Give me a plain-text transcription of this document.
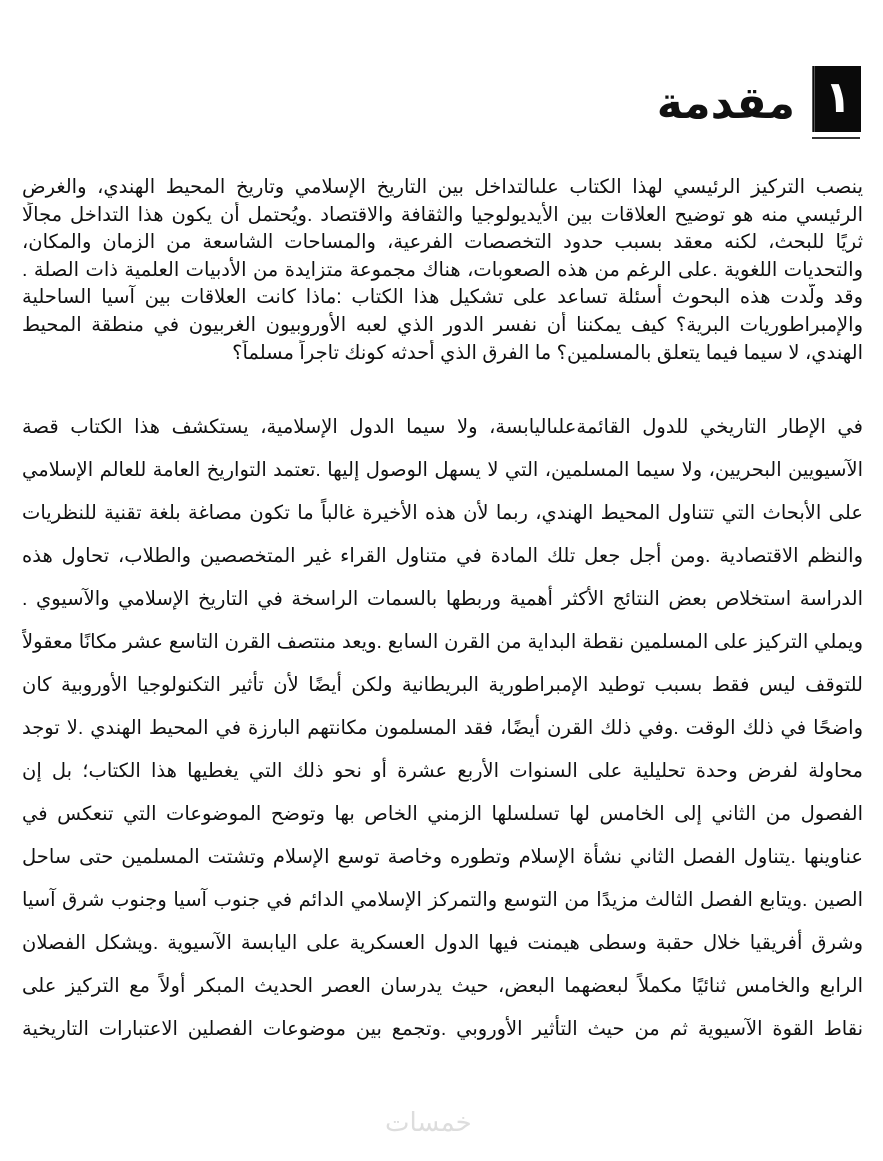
١
مقدمة
ينصب التركيز الرئيسي لهذا الكتاب علىالتداخل بين التاريخ الإسلامي وتاريخ المحيط الهندي، والغرض
الرئيسي منه هو توضيح العلاقات بين الأيديولوجيا والثقافة والاقتصاد .ويُحتمل أن يكون هذا التداخل مجالًا
ثريًا للبحث، لكنه معقد بسبب حدود التخصصات الفرعية، والمساحات الشاسعة من الزمان والمكان،
والتحديات اللغوية .على الرغم من هذه الصعوبات، هناك مجموعة متزايدة من الأدبيات العلمية ذات الصلة .
وقد ولّدت هذه البحوث أسئلة تساعد على تشكيل هذا الكتاب :ماذا كانت العلاقات بين آسيا الساحلية
والإمبراطوريات البرية؟ كيف يمكننا أن نفسر الدور الذي لعبه الأوروبيون الغربيون في منطقة المحيط
الهندي، لا سيما فيما يتعلق بالمسلمين؟ ما الفرق الذي أحدثه كونك تاجراً مسلماً؟
في الإطار التاريخي للدول القائمةعلىاليابسة، ولا سيما الدول الإسلامية، يستكشف هذا الكتاب قصة
الآسيويين البحريين، ولا سيما المسلمين، التي لا يسهل الوصول إليها .تعتمد التواريخ العامة للعالم الإسلامي
على الأبحاث التي تتناول المحيط الهندي، ربما لأن هذه الأخيرة غالباً ما تكون مصاغة بلغة تقنية للنظريات
والنظم الاقتصادية .ومن أجل جعل تلك المادة في متناول القراء غير المتخصصين والطلاب، تحاول هذه
الدراسة استخلاص بعض النتائج الأكثر أهمية وربطها بالسمات الراسخة في التاريخ الإسلامي والآسيوي .
ويملي التركيز على المسلمين نقطة البداية من القرن السابع .ويعد منتصف القرن التاسع عشر مكانًا معقولاً
للتوقف ليس فقط بسبب توطيد الإمبراطورية البريطانية ولكن أيضًا لأن تأثير التكنولوجيا الأوروبية كان
واضحًا في ذلك الوقت .وفي ذلك القرن أيضًا، فقد المسلمون مكانتهم البارزة في المحيط الهندي .لا توجد
محاولة لفرض وحدة تحليلية على السنوات الأربع عشرة أو نحو ذلك التي يغطيها هذا الكتاب؛ بل إن
الفصول من الثاني إلى الخامس لها تسلسلها الزمني الخاص بها وتوضح الموضوعات التي تنعكس في
عناوينها .يتناول الفصل الثاني نشأة الإسلام وتطوره وخاصة توسع الإسلام وتشتت المسلمين حتى ساحل
الصين .ويتابع الفصل الثالث مزيدًا من التوسع والتمركز الإسلامي الدائم في جنوب آسيا وجنوب شرق آسيا
وشرق أفريقيا خلال حقبة وسطى هيمنت فيها الدول العسكرية على اليابسة الآسيوية .ويشكل الفصلان
الرابع والخامس ثنائيًا مكملاً لبعضهما البعض، حيث يدرسان العصر الحديث المبكر أولاً مع التركيز على
نقاط القوة الآسيوية ثم من حيث التأثير الأوروبي .وتجمع بين موضوعات الفصلين الاعتبارات التاريخية
خمسات
